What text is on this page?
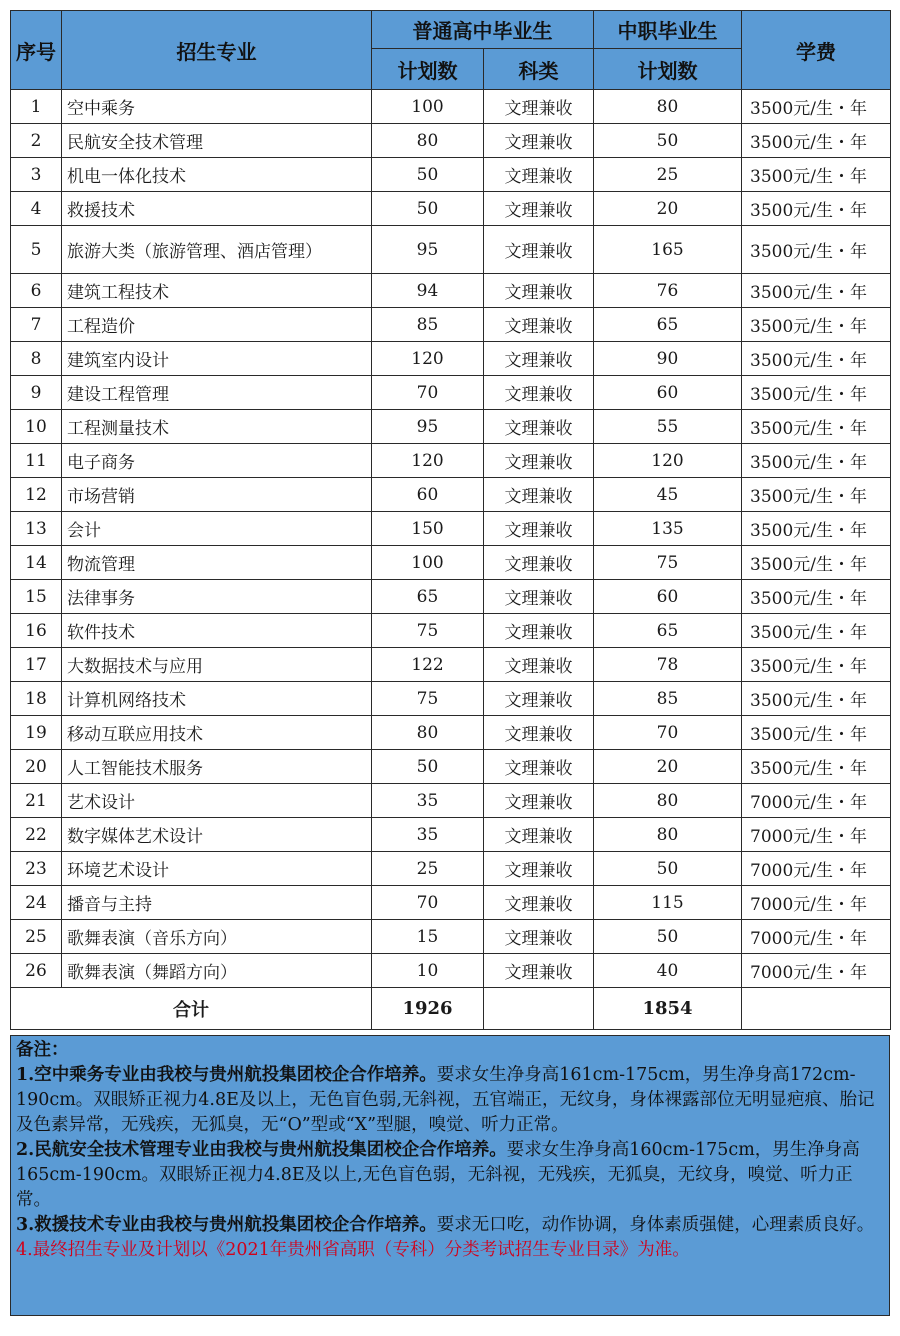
序号	招生专业	普通高中毕业生		中职毕业生	学费
		计划数	科类	计划数	
1	空中乘务	100	文理兼收	80	3500元/生・年
2	民航安全技术管理	80	文理兼收	50	3500元/生・年
3	机电一体化技术	50	文理兼收	25	3500元/生・年
4	救援技术	50	文理兼收	20	3500元/生・年
5	旅游大类（旅游管理、酒店管理）	95	文理兼收	165	3500元/生・年
6	建筑工程技术	94	文理兼收	76	3500元/生・年
7	工程造价	85	文理兼收	65	3500元/生・年
8	建筑室内设计	120	文理兼收	90	3500元/生・年
9	建设工程管理	70	文理兼收	60	3500元/生・年
10	工程测量技术	95	文理兼收	55	3500元/生・年
11	电子商务	120	文理兼收	120	3500元/生・年
12	市场营销	60	文理兼收	45	3500元/生・年
13	会计	150	文理兼收	135	3500元/生・年
14	物流管理	100	文理兼收	75	3500元/生・年
15	法律事务	65	文理兼收	60	3500元/生・年
16	软件技术	75	文理兼收	65	3500元/生・年
17	大数据技术与应用	122	文理兼收	78	3500元/生・年
18	计算机网络技术	75	文理兼收	85	3500元/生・年
19	移动互联应用技术	80	文理兼收	70	3500元/生・年
20	人工智能技术服务	50	文理兼收	20	3500元/生・年
21	艺术设计	35	文理兼收	80	7000元/生・年
22	数字媒体艺术设计	35	文理兼收	80	7000元/生・年
23	环境艺术设计	25	文理兼收	50	7000元/生・年
24	播音与主持	70	文理兼收	115	7000元/生・年
25	歌舞表演（音乐方向）	15	文理兼收	50	7000元/生・年
26	歌舞表演（舞蹈方向）	10	文理兼收	40	7000元/生・年
合计		1926		1854	

备注：

1.空中乘务专业由我校与贵州航投集团校企合作培养。要求女生净身高161cm-175cm，男生净身高172cm-190cm。双眼矫正视力4.8E及以上，无色盲色弱,无斜视，五官端正，无纹身，身体裸露部位无明显疤痕、胎记及色素异常，无残疾，无狐臭，无“O”型或“X”型腿，嗅觉、听力正常。

2.民航安全技术管理专业由我校与贵州航投集团校企合作培养。要求女生净身高160cm-175cm，男生净身高165cm-190cm。双眼矫正视力4.8E及以上,无色盲色弱，无斜视，无残疾，无狐臭，无纹身，嗅觉、听力正常。

3.救援技术专业由我校与贵州航投集团校企合作培养。要求无口吃，动作协调，身体素质强健，心理素质良好。

4.最终招生专业及计划以《2021年贵州省高职（专科）分类考试招生专业目录》为准。
